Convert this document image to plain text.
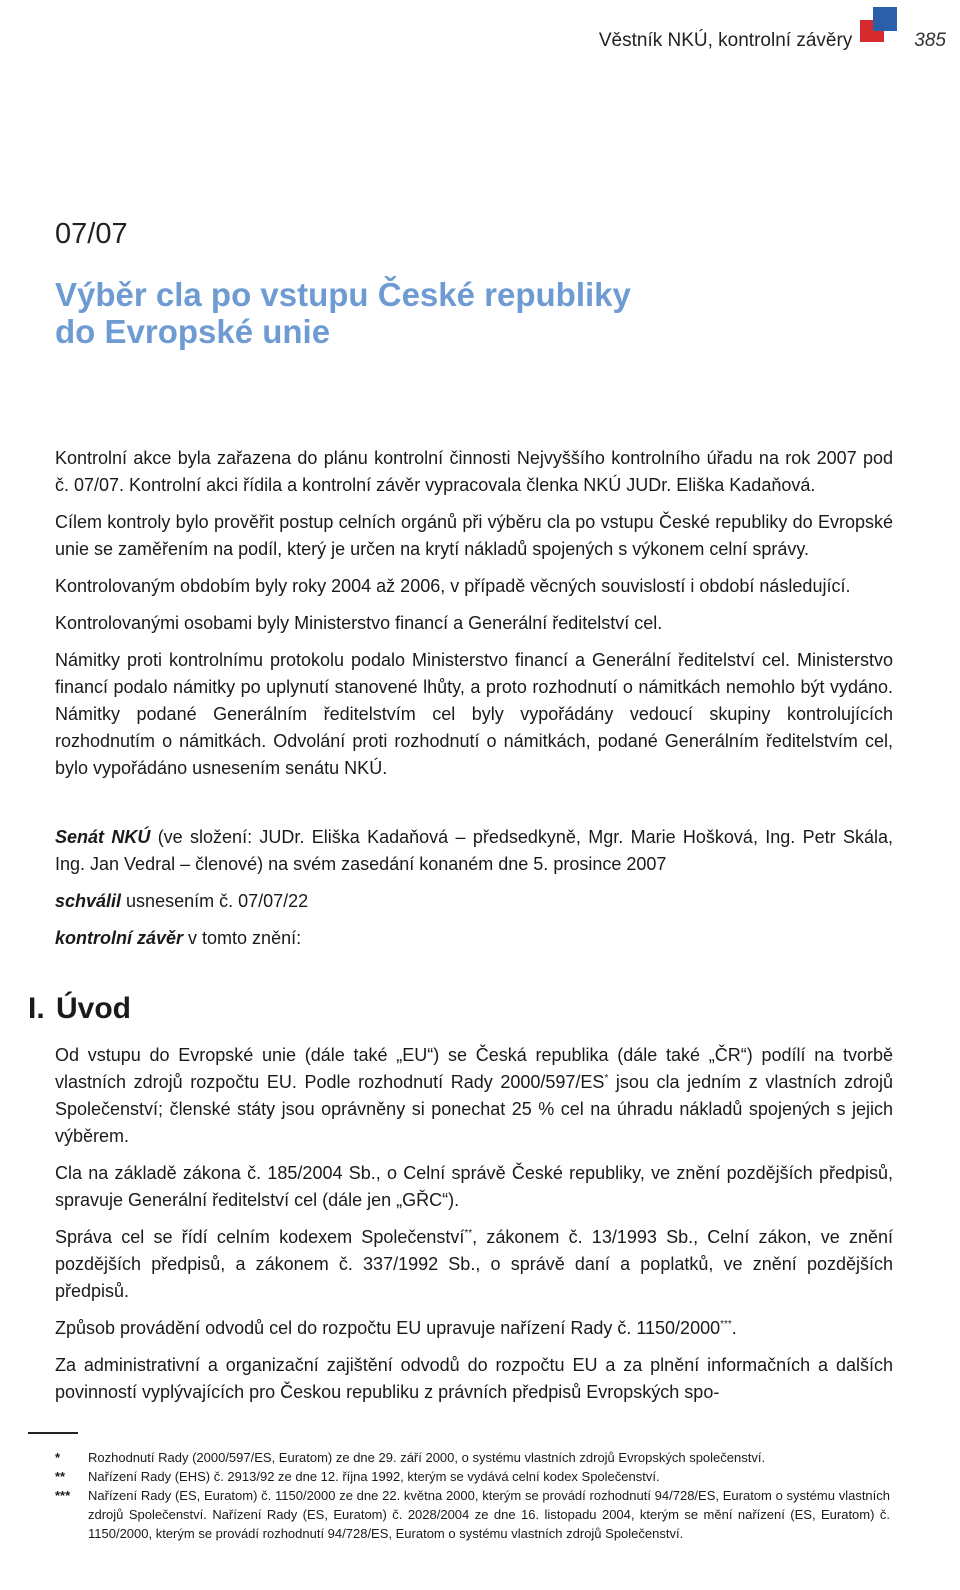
Věstník NKÚ, kontrolní závěry	385
07/07
Výběr cla po vstupu České republiky
do Evropské unie

Kontrolní akce byla zařazena do plánu kontrolní činnosti Nejvyššího kontrolního úřadu na rok 2007 pod č. 07/07. Kontrolní akci řídila a kontrolní závěr vypracovala členka NKÚ JUDr. Eliška Kadaňová.

Cílem kontroly bylo prověřit postup celních orgánů při výběru cla po vstupu České republiky do Evropské unie se zaměřením na podíl, který je určen na krytí nákladů spojených s výkonem celní správy.

Kontrolovaným obdobím byly roky 2004 až 2006, v případě věcných souvislostí i období následující.

Kontrolovanými osobami byly Ministerstvo financí a Generální ředitelství cel.

Námitky proti kontrolnímu protokolu podalo Ministerstvo financí a Generální ředitelství cel. Ministerstvo financí podalo námitky po uplynutí stanovené lhůty, a proto rozhodnutí o námitkách nemohlo být vydáno. Námitky podané Generálním ředitelstvím cel byly vypořádány vedoucí skupiny kontrolujících rozhodnutím o námitkách. Odvolání proti rozhodnutí o námitkách, podané Generálním ředitelstvím cel, bylo vypořádáno usnesením senátu NKÚ.

Senát NKÚ (ve složení: JUDr. Eliška Kadaňová – předsedkyně, Mgr. Marie Hošková, Ing. Petr Skála, Ing. Jan Vedral – členové) na svém zasedání konaném dne 5. prosince 2007

schválil usnesením č. 07/07/22

kontrolní závěr v tomto znění:

I. Úvod

Od vstupu do Evropské unie (dále také „EU“) se Česká republika (dále také „ČR“) podílí na tvorbě vlastních zdrojů rozpočtu EU. Podle rozhodnutí Rady 2000/597/ES* jsou cla jedním z vlastních zdrojů Společenství; členské státy jsou oprávněny si ponechat 25 % cel na úhradu nákladů spojených s jejich výběrem.

Cla na základě zákona č. 185/2004 Sb., o Celní správě České republiky, ve znění pozdějších předpisů, spravuje Generální ředitelství cel (dále jen „GŘC“).

Správa cel se řídí celním kodexem Společenství**, zákonem č. 13/1993 Sb., Celní zákon, ve znění pozdějších předpisů, a zákonem č. 337/1992 Sb., o správě daní a poplatků, ve znění pozdějších předpisů.

Způsob provádění odvodů cel do rozpočtu EU upravuje nařízení Rady č. 1150/2000***.

Za administrativní a organizační zajištění odvodů do rozpočtu EU a za plnění informačních a dalších povinností vyplývajících pro Českou republiku z právních předpisů Evropských spo-

*	Rozhodnutí Rady (2000/597/ES, Euratom) ze dne 29. září 2000, o systému vlastních zdrojů Evropských společenství.
**	Nařízení Rady (EHS) č. 2913/92 ze dne 12. října 1992, kterým se vydává celní kodex Společenství.
***	Nařízení Rady (ES, Euratom) č. 1150/2000 ze dne 22. května 2000, kterým se provádí rozhodnutí 94/728/ES, Euratom o systému vlastních zdrojů Společenství. Nařízení Rady (ES, Euratom) č. 2028/2004 ze dne 16. listopadu 2004, kterým se mění nařízení (ES, Euratom) č. 1150/2000, kterým se provádí rozhodnutí 94/728/ES, Euratom o systému vlastních zdrojů Společenství.
